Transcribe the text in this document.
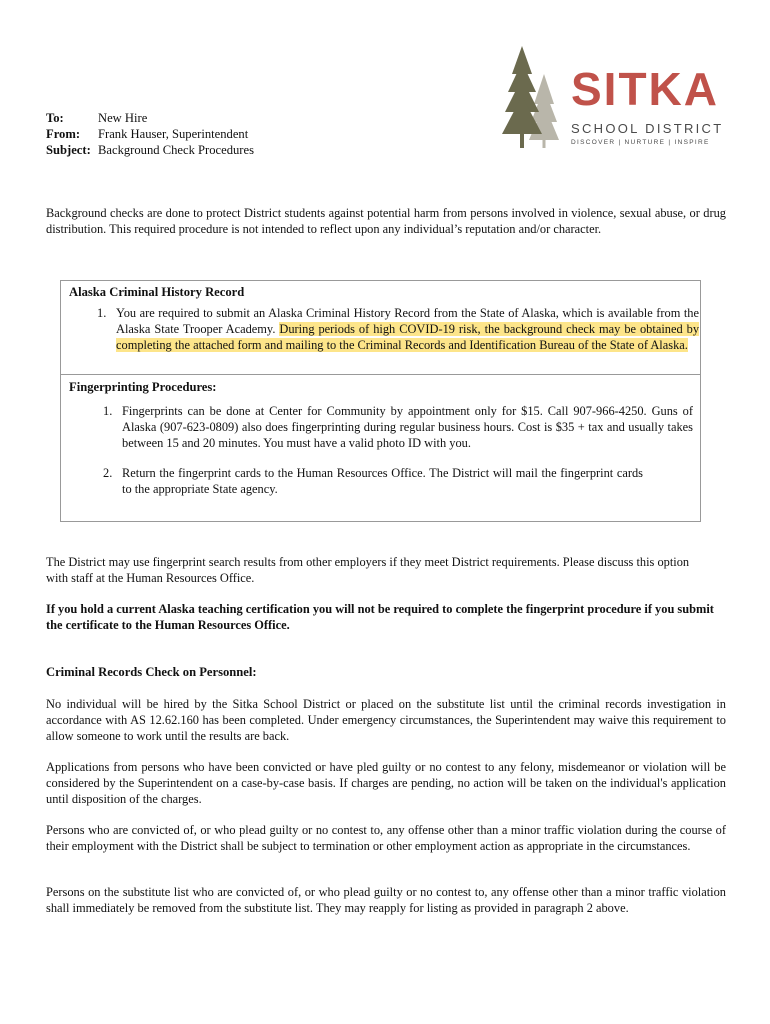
To:	New Hire
From:	Frank Hauser, Superintendent
Subject: Background Check Procedures
SITKA
SCHOOL DISTRICT
DISCOVER | NURTURE | INSPIRE

Background checks are done to protect District students against potential harm from persons involved in violence, sexual abuse, or drug distribution. This required procedure is not intended to reflect upon any individual’s reputation and/or character.

Alaska Criminal History Record
1. You are required to submit an Alaska Criminal History Record from the State of Alaska, which is available from the Alaska State Trooper Academy. During periods of high COVID-19 risk, the background check may be obtained by completing the attached form and mailing to the Criminal Records and Identification Bureau of the State of Alaska.
Fingerprinting Procedures:
1. Fingerprints can be done at Center for Community by appointment only for $15. Call 907-966-4250. Guns of Alaska (907-623-0809) also does fingerprinting during regular business hours. Cost is $35 + tax and usually takes between 15 and 20 minutes. You must have a valid photo ID with you.
2. Return the fingerprint cards to the Human Resources Office. The District will mail the fingerprint cards to the appropriate State agency.

The District may use fingerprint search results from other employers if they meet District requirements. Please discuss this option with staff at the Human Resources Office.

If you hold a current Alaska teaching certification you will not be required to complete the fingerprint procedure if you submit the certificate to the Human Resources Office.

Criminal Records Check on Personnel:

No individual will be hired by the Sitka School District or placed on the substitute list until the criminal records investigation in accordance with AS 12.62.160 has been completed. Under emergency circumstances, the Superintendent may waive this requirement to allow someone to work until the results are back.

Applications from persons who have been convicted or have pled guilty or no contest to any felony, misdemeanor or violation will be considered by the Superintendent on a case-by-case basis. If charges are pending, no action will be taken on the individual's application until disposition of the charges.

Persons who are convicted of, or who plead guilty or no contest to, any offense other than a minor traffic violation during the course of their employment with the District shall be subject to termination or other employment action as appropriate in the circumstances.

Persons on the substitute list who are convicted of, or who plead guilty or no contest to, any offense other than a minor traffic violation shall immediately be removed from the substitute list. They may reapply for listing as provided in paragraph 2 above.
